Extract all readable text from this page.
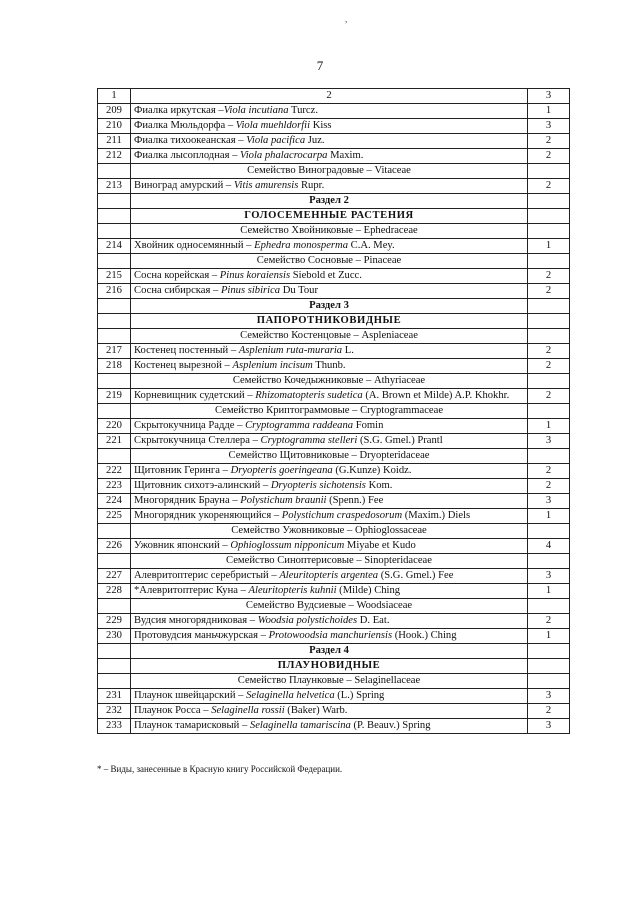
,
7
1	2	3
209	Фиалка иркутская –Viola incutiana Turcz.	1
210	Фиалка Мюльдорфа – Viola muehldorfii Kiss	3
211	Фиалка тихоокеанская – Viola pacifica Juz.	2
212	Фиалка лысоплодная – Viola phalacrocarpa Maxim.	2
	Семейство Виноградовые – Vitaceae	
213	Виноград амурский – Vitis amurensis Rupr.	2
	Раздел 2	
	ГОЛОСЕМЕННЫЕ РАСТЕНИЯ	
	Семейство Хвойниковые – Ephedraceae	
214	Хвойник односемянный – Ephedra monosperma C.A. Mey.	1
	Семейство Сосновые – Pinaceae	
215	Сосна корейская – Pinus koraiensis Siebold et Zucc.	2
216	Сосна сибирская – Pinus sibirica Du Tour	2
	Раздел 3	
	ПАПОРОТНИКОВИДНЫЕ	
	Семейство Костенцовые – Aspleniaceae	
217	Костенец постенный – Asplenium ruta-muraria L.	2
218	Костенец вырезной – Asplenium incisum Thunb.	2
	Семейство Кочедыжниковые – Athyriaceae	
219	Корневищник судетский – Rhizomatopteris sudetica (A. Brown et Milde) A.P. Khokhr.	2
	Семейство Криптограммовые – Cryptogrammaceae	
220	Скрытокучница Радде – Cryptogramma raddeana Fomin	1
221	Скрытокучница Стеллера – Cryptogramma stelleri (S.G. Gmel.) Prantl	3
	Семейство Щитовниковые – Dryopteridaceae	
222	Щитовник Геринга – Dryopteris goeringeana (G.Kunze) Koidz.	2
223	Щитовник сихотэ-алинский – Dryopteris sichotensis Kom.	2
224	Многорядник Брауна – Polystichum braunii (Spenn.) Fee	3
225	Многорядник укореняющийся – Polystichum craspedosorum (Maxim.) Diels	1
	Семейство Ужовниковые – Ophioglossaceae	
226	Ужовник японский – Ophioglossum nipponicum Miyabe et Kudo	4
	Семейство Синоптерисовые – Sinopteridaceae	
227	Алевритоптерис серебристый – Aleuritopteris argentea (S.G. Gmel.) Fee	3
228	*Алевритоптерис Куна – Aleuritopteris kuhnii (Milde) Ching	1
	Семейство Вудсиевые – Woodsiaceae	
229	Вудсия многорядниковая – Woodsia polystichoides D. Eat.	2
230	Протовудсия маньчжурская – Protowoodsia manchuriensis (Hook.) Ching	1
	Раздел 4	
	ПЛАУНОВИДНЫЕ	
	Семейство Плаунковые – Selaginellaceae	
231	Плаунок швейцарский – Selaginella helvetica (L.) Spring	3
232	Плаунок Росса – Selaginella rossii (Baker) Warb.	2
233	Плаунок тамарисковый – Selaginella tamariscina (P. Beauv.) Spring	3
* – Виды, занесенные в Красную книгу Российской Федерации.
